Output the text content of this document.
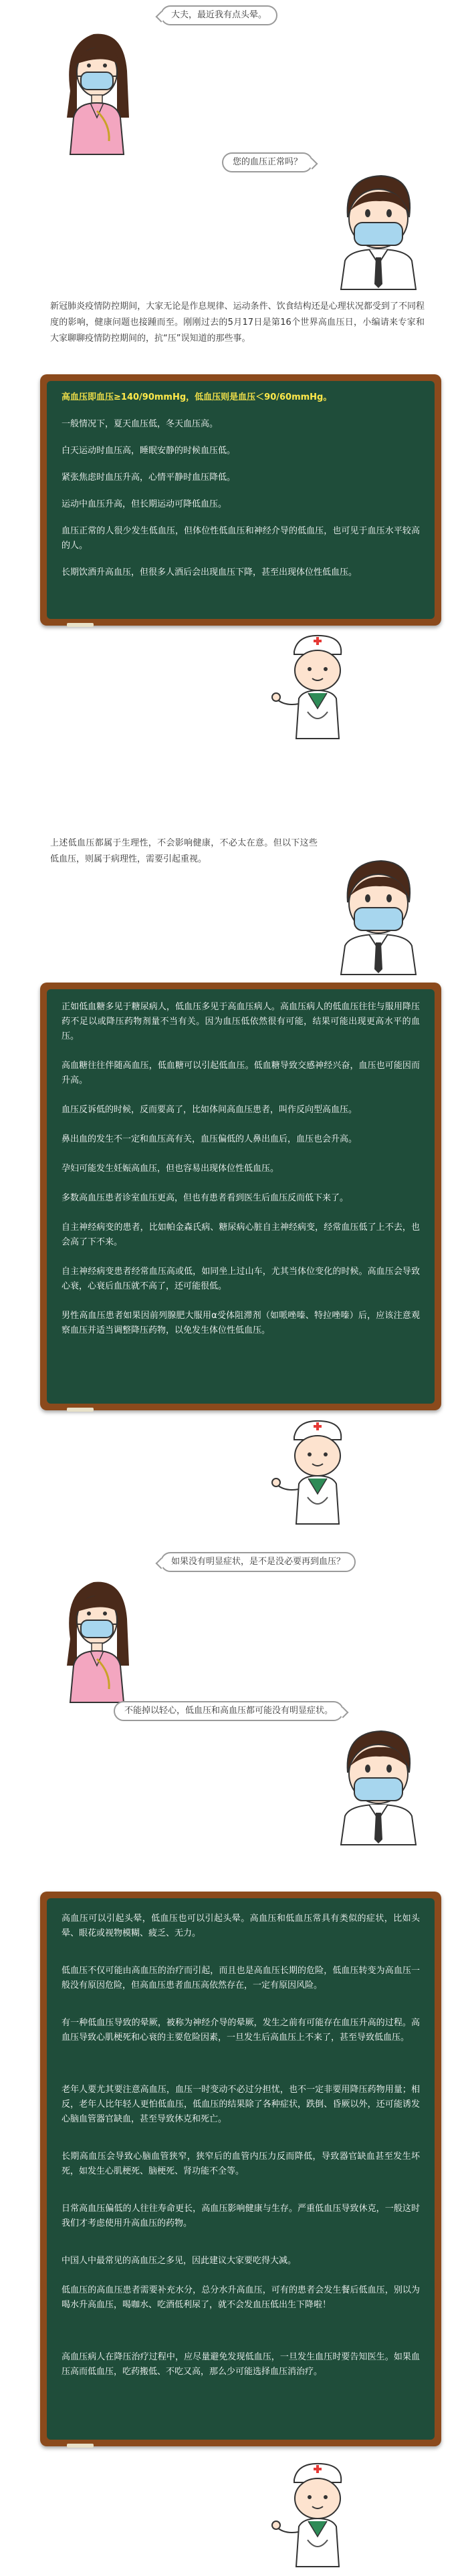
大夫，最近我有点头晕。
您的血压正常吗？
新冠肺炎疫情防控期间，大家无论是作息规律、运动条件、饮食结构还是心理状况都受到了不同程度的影响，健康问题也接踵而至。刚刚过去的5月17日是第16个世界高血压日，小编请来专家和大家聊聊疫情防控期间的，抗“压”误知道的那些事。
高血压即血压≥140/90mmHg，低血压则是血压＜90/60mmHg。
一般情况下，夏天血压低，冬天血压高。
白天运动时血压高，睡眠安静的时候血压低。
紧张焦虑时血压升高，心情平静时血压降低。
运动中血压升高，但长期运动可降低血压。
血压正常的人很少发生低血压，但体位性低血压和神经介导的低血压，也可见于血压水平较高的人。
长期饮酒升高血压，但很多人酒后会出现血压下降，甚至出现体位性低血压。
上述低血压都属于生理性，不会影响健康，不必太在意。但以下这些低血压，则属于病理性，需要引起重视。
正如低血糖多见于糖尿病人，低血压多见于高血压病人。高血压病人的低血压往往与服用降压药不足以或降压药物剂量不当有关。因为血压低依然很有可能，结果可能出现更高水平的血压。
高血糖往往伴随高血压，低血糖可以引起低血压。低血糖导致交感神经兴奋，血压也可能因而升高。
血压反诉低的时候，反而要高了，比如体间高血压患者，叫作反向型高血压。
鼻出血的发生不一定和血压高有关，血压偏低的人鼻出血后，血压也会升高。
孕妇可能发生妊娠高血压，但也容易出现体位性低血压。
多数高血压患者诊室血压更高，但也有患者看到医生后血压反而低下来了。
自主神经病变的患者，比如帕金森氏病、糖尿病心脏自主神经病变，经常血压低了上不去，也会高了下不来。
自主神经病变患者经常血压高或低，如同坐上过山车，尤其当体位变化的时候。高血压会导致心衰，心衰后血压就不高了，还可能很低。
男性高血压患者如果因前列腺肥大服用α受体阻滞剂（如哌唑嗪、特拉唑嗪）后，应该注意观察血压并适当调整降压药物，以免发生体位性低血压。
如果没有明显症状，是不是没必要再到血压？
不能掉以轻心，低血压和高血压都可能没有明显症状。
高血压可以引起头晕，低血压也可以引起头晕。高血压和低血压常具有类似的症状，比如头晕、眼花或视物模糊、疲乏、无力。
低血压不仅可能由高血压的治疗而引起，而且也是高血压长期的危险，低血压转变为高血压一般没有原因危险，但高血压患者血压高依然存在，一定有原因风险。
有一种低血压导致的晕厥，被称为神经介导的晕厥，发生之前有可能存在血压升高的过程。高血压导致心肌梗死和心衰的主要危险因素，一旦发生后高血压上不来了，甚至导致低血压。
老年人要尤其要注意高血压，血压一时变动不必过分担忧，也不一定非要用降压药物用量；相反，老年人比年轻人更怕低血压，低血压的结果除了各种症状，跌倒、昏厥以外，还可能诱发心脑血管器官缺血，甚至导致休克和死亡。
长期高血压会导致心脑血管狭窄，狭窄后的血管内压力反而降低，导致器官缺血甚至发生坏死，如发生心肌梗死、脑梗死、肾功能不全等。
日常高血压偏低的人往往寿命更长，高血压影响健康与生存。严重低血压导致休克，一般这时我们才考虑使用升高血压的药物。
中国人中最常见的高血压之多见，因此建议大家要吃得大减。
低血压的高血压患者需要补充水分，总分水升高血压，可有的患者会发生餐后低血压，别以为喝水升高血压，喝咖水、吃酒低利尿了，就不会发血压低出生下降啦！
高血压病人在降压治疗过程中，应尽量避免发现低血压，一旦发生血压时要告知医生。如果血压高而低血压，吃药搬低、不吃又高，那么少可能选择血压消治疗。
